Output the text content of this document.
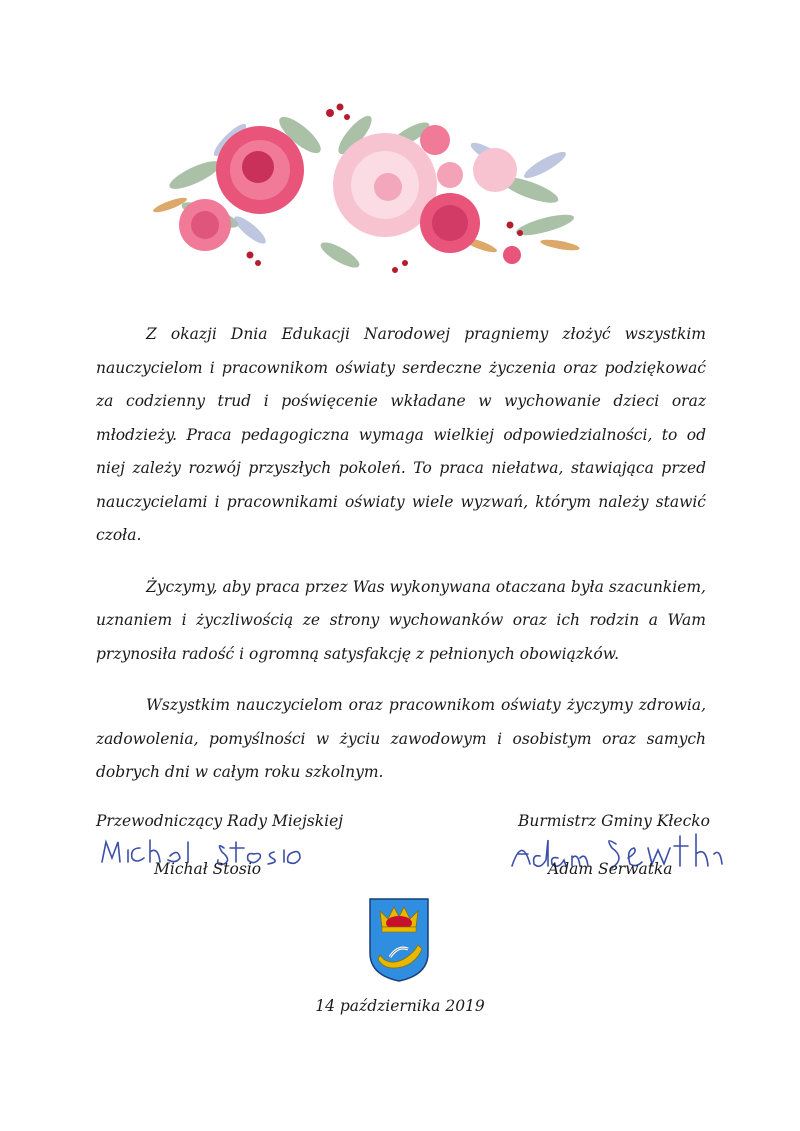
Z okazji Dnia Edukacji Narodowej pragniemy złożyć wszystkim nauczycielom i pracownikom oświaty serdeczne życzenia oraz podziękować za codzienny trud i poświęcenie wkładane w wychowanie dzieci oraz młodzieży. Praca pedagogiczna wymaga wielkiej odpowiedzialności, to od niej zależy rozwój przyszłych pokoleń. To praca niełatwa, stawiająca przed nauczycielami i pracownikami oświaty wiele wyzwań, którym należy stawić czoła.

Życzymy, aby praca przez Was wykonywana otaczana była szacunkiem, uznaniem i życzliwością ze strony wychowanków oraz ich rodzin a Wam przynosiła radość i ogromną satysfakcję z pełnionych obowiązków.

Wszystkim nauczycielom oraz pracownikom oświaty życzymy zdrowia, zadowolenia, pomyślności w życiu zawodowym i osobistym oraz samych dobrych dni w całym roku szkolnym.

Przewodniczący Rady Miejskiej
Michał Stosio
Burmistrz Gminy Kłecko
Adam Serwatka
14 października 2019
